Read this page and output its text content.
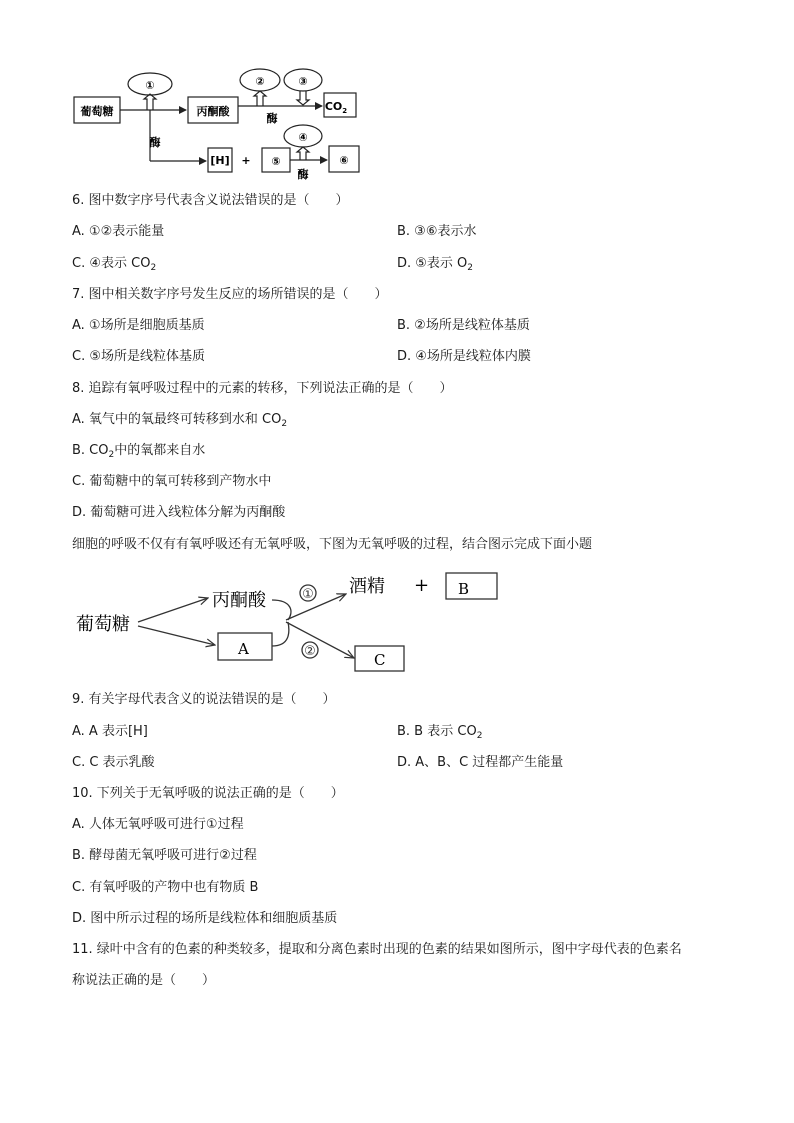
葡萄糖	丙酮酸	$CO_2$
[H] +
酶
酶
酶
①	②	③
④
⑤	⑥
6. 图中数字序号代表含义说法错误的是（　　）
A. ①②表示能量	B. ③⑥表示水
C. ④表示 $CO_2$	D. ⑤表示 $O_2$
7. 图中相关数字序号发生反应的场所错误的是（　　）
A. ①场所是细胞质基质	B. ②场所是线粒体基质
C. ⑤场所是线粒体基质	D. ④场所是线粒体内膜
8. 追踪有氧呼吸过程中的元素的转移，下列说法正确的是（　　）
A. 氧气中的氧最终可转移到水和 $CO_2$
B. $CO_2$中的氧都来自水
C. 葡萄糖中的氧可转移到产物水中
D. 葡萄糖可进入线粒体分解为丙酮酸
细胞的呼吸不仅有有氧呼吸还有无氧呼吸，下图为无氧呼吸的过程，结合图示完成下面小题
葡萄糖
丙酮酸
酒精 +
A
B
C
①
②
9. 有关字母代表含义的说法错误的是（　　）
A. A 表示[H]	B. B 表示 $CO_2$
C. C 表示乳酸	D. A、B、C 过程都产生能量
10. 下列关于无氧呼吸的说法正确的是（　　）
A. 人体无氧呼吸可进行①过程
B. 酵母菌无氧呼吸可进行②过程
C. 有氧呼吸的产物中也有物质 B
D. 图中所示过程的场所是线粒体和细胞质基质
11. 绿叶中含有的色素的种类较多，提取和分离色素时出现的色素的结果如图所示，图中字母代表的色素名
称说法正确的是（　　）
